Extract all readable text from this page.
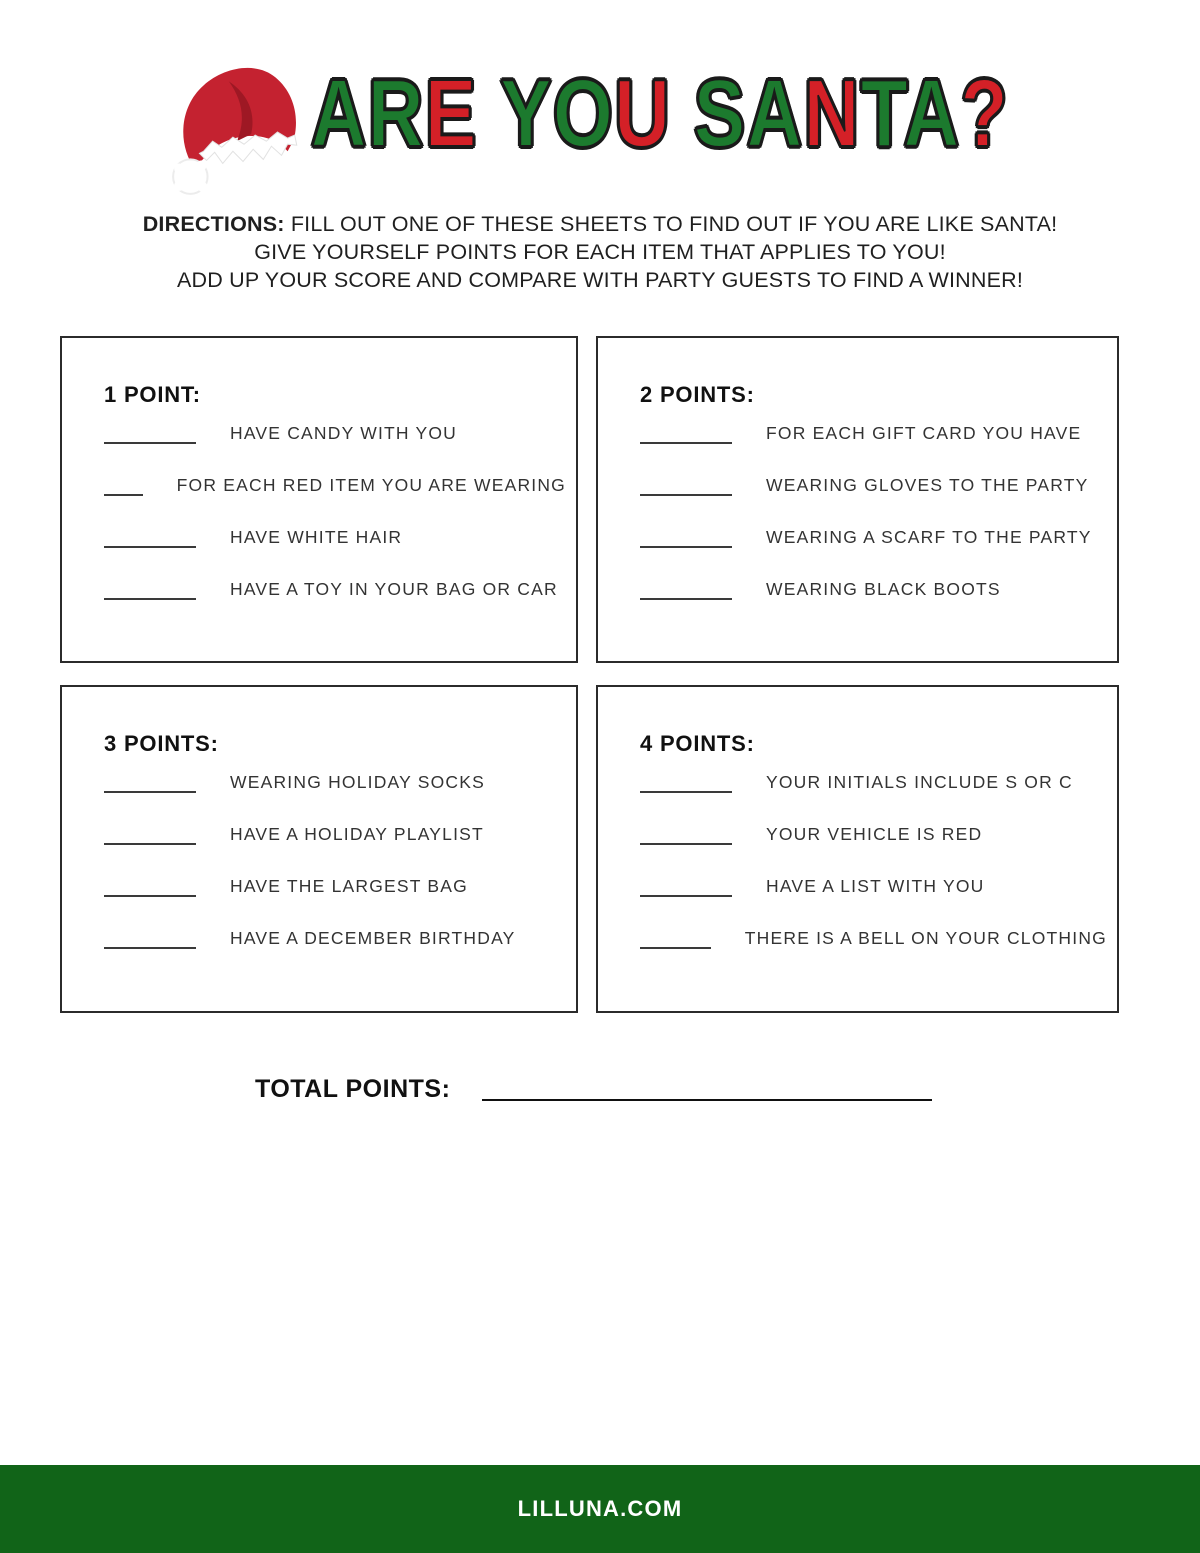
ARE YOU SANTA?
DIRECTIONS: FILL OUT ONE OF THESE SHEETS TO FIND OUT IF YOU ARE LIKE SANTA!
GIVE YOURSELF POINTS FOR EACH ITEM THAT APPLIES TO YOU!
ADD UP YOUR SCORE AND COMPARE WITH PARTY GUESTS TO FIND A WINNER!
1 POINT:
HAVE CANDY WITH YOU
FOR EACH RED ITEM YOU ARE WEARING
HAVE WHITE HAIR
HAVE A TOY IN YOUR BAG OR CAR
2 POINTS:
FOR EACH GIFT CARD YOU HAVE
WEARING GLOVES TO THE PARTY
WEARING A SCARF TO THE PARTY
WEARING BLACK BOOTS
3 POINTS:
WEARING HOLIDAY SOCKS
HAVE A HOLIDAY PLAYLIST
HAVE THE LARGEST BAG
HAVE A DECEMBER BIRTHDAY
4 POINTS:
YOUR INITIALS INCLUDE S OR C
YOUR VEHICLE IS RED
HAVE A LIST WITH YOU
THERE IS A BELL ON YOUR CLOTHING
TOTAL POINTS:
LILLUNA.COM
